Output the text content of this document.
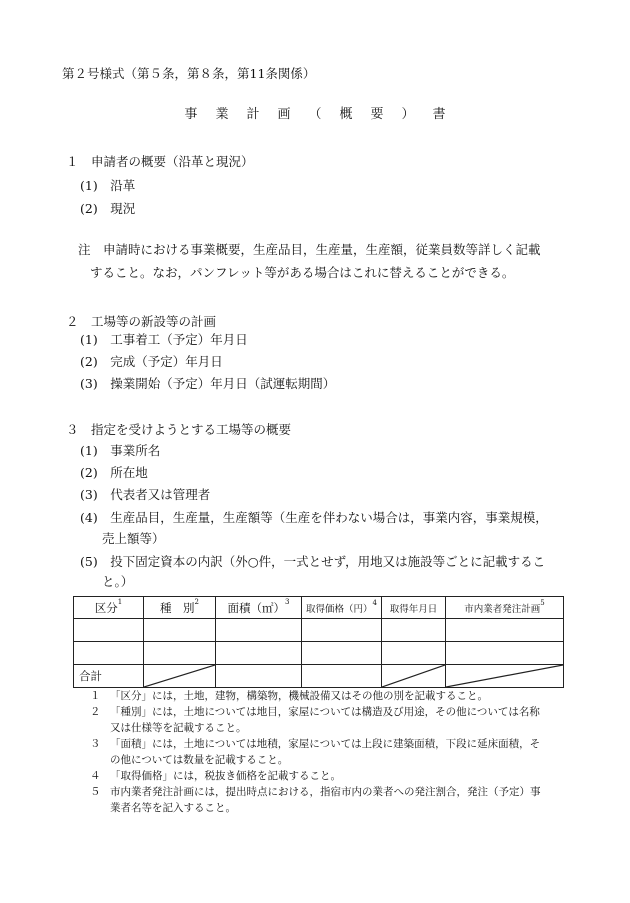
第２号様式（第５条，第８条，第11条関係）
事 業 計 画 （ 概 要 ） 書
１　申請者の概要（沿革と現況）
(1)　沿革
(2)　現況
注　申請時における事業概要，生産品目，生産量，生産額，従業員数等詳しく記載
すること。なお，パンフレット等がある場合はこれに替えることができる。
２　工場等の新設等の計画
(1)　工事着工（予定）年月日
(2)　完成（予定）年月日
(3)　操業開始（予定）年月日（試運転期間）
３　指定を受けようとする工場等の概要
(1)　事業所名
(2)　所在地
(3)　代表者又は管理者
(4)　生産品目，生産量，生産額等（生産を伴わない場合は，事業内容，事業規模，
売上額等）
(5)　投下固定資本の内訳（外○件，一式とせず，用地又は施設等ごとに記載するこ
と。）
区分$^1$	種　別$^2$	面積（㎡）$^3$	取得価格（円）$^4$	取得年月日	市内業者発注計画$^5$

合計	

１ 「区分」には，土地，建物，構築物，機械設備又はその他の別を記載すること。
２ 「種別」には，土地については地目，家屋については構造及び用途，その他については名称
又は仕様等を記載すること。
３ 「面積」には，土地については地積，家屋については上段に建築面積，下段に延床面積，そ
の他については数量を記載すること。
４ 「取得価格」には，税抜き価格を記載すること。
５ 市内業者発注計画には，提出時点における，指宿市内の業者への発注割合，発注（予定）事
業者名等を記入すること。
